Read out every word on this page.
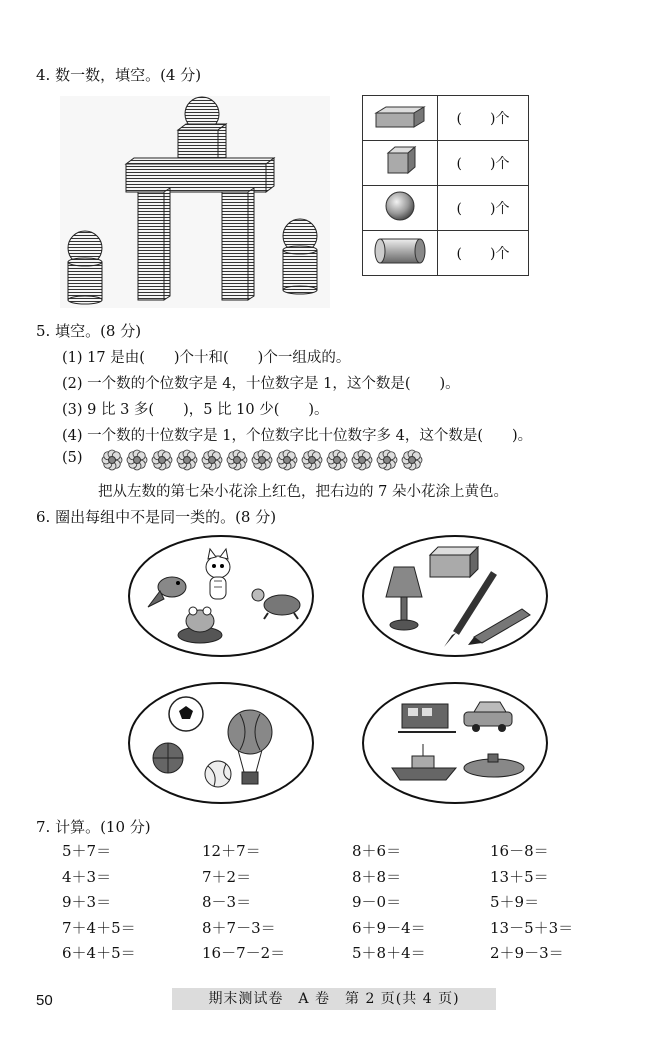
4. 数一数，填空。(4 分)
	(　　)个
	(　　)个
	(　　)个
	(　　)个
5. 填空。(8 分)
(1) 17 是由(　　)个十和(　　)个一组成的。
(2) 一个数的个位数字是 4，十位数字是 1，这个数是(　　)。
(3) 9 比 3 多(　　)，5 比 10 少(　　)。
(4) 一个数的十位数字是 1，个位数字比十位数字多 4，这个数是(　　)。
(5)
把从左数的第七朵小花涂上红色，把右边的 7 朵小花涂上黄色。
6. 圈出每组中不是同一类的。(8 分)
7. 计算。(10 分)
5＋7＝	12＋7＝	8＋6＝	16－8＝
4＋3＝	7＋2＝	8＋8＝	13＋5＝
9＋3＝	8－3＝	9－0＝	5＋9＝
7＋4＋5＝	8＋7－3＝	6＋9－4＝	13－5＋3＝
6＋4＋5＝	16－7－2＝	5＋8＋4＝	2＋9－3＝
50	期末测试卷　A 卷　第 2 页(共 4 页)
